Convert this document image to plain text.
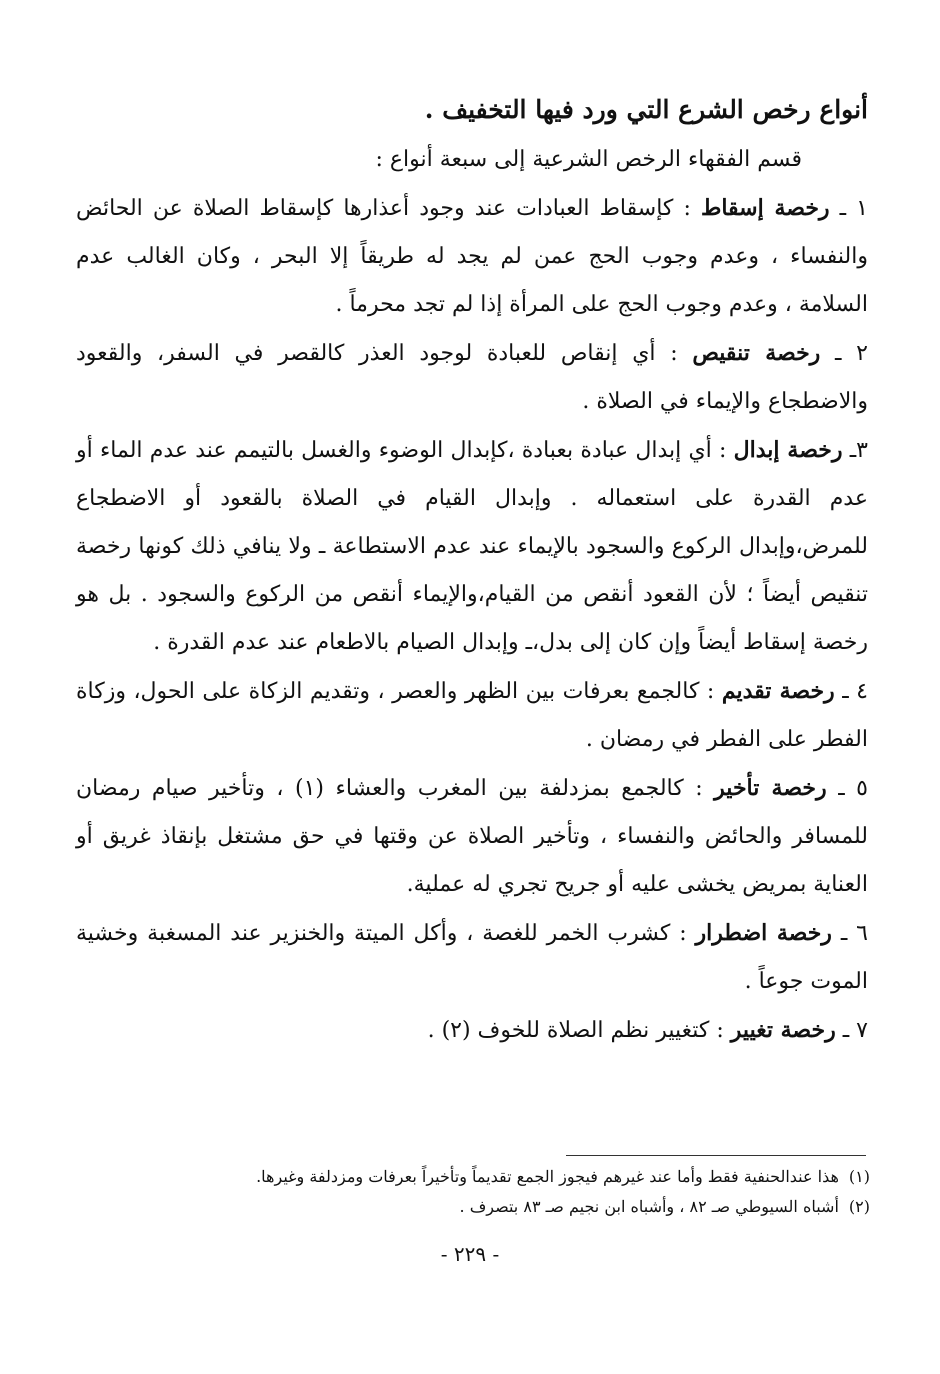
أنواع رخص الشرع التي ورد فيها التخفيف .

قسم الفقهاء الرخص الشرعية إلى سبعة أنواع :

١ ـ رخصة إسقاط : كإسقاط العبادات عند وجود أعذارها كإسقاط الصلاة عن الحائض والنفساء ، وعدم وجوب الحج عمن لم يجد له طريقاً إلا البحر ، وكان الغالب عدم السلامة ، وعدم وجوب الحج على المرأة إذا لم تجد محرماً .

٢ ـ رخصة تنقيص : أي إنقاص للعبادة لوجود العذر كالقصر في السفر، والقعود والاضطجاع والإيماء في الصلاة .

٣ـ رخصة إبدال : أي إبدال عبادة بعبادة ،كإبدال الوضوء والغسل بالتيمم عند عدم الماء أو عدم القدرة على استعماله . وإبدال القيام في الصلاة بالقعود أو الاضطجاع للمرض،وإبدال الركوع والسجود بالإيماء عند عدم الاستطاعة ـ ولا ينافي ذلك كونها رخصة تنقيص أيضاً ؛ لأن القعود أنقص من القيام،والإيماء أنقص من الركوع والسجود . بل هو رخصة إسقاط أيضاً وإن كان إلى بدل،ـ وإبدال الصيام بالاطعام عند عدم القدرة .

٤ ـ رخصة تقديم : كالجمع بعرفات بين الظهر والعصر ، وتقديم الزكاة على الحول، وزكاة الفطر على الفطر في رمضان .

٥ ـ رخصة تأخير : كالجمع بمزدلفة بين المغرب والعشاء (١) ، وتأخير صيام رمضان للمسافر والحائض والنفساء ، وتأخير الصلاة عن وقتها في حق مشتغل بإنقاذ غريق أو العناية بمريض يخشى عليه أو جريح تجري له عملية.

٦ ـ رخصة اضطرار : كشرب الخمر للغصة ، وأكل الميتة والخنزير عند المسغبة وخشية الموت جوعاً .

٧ ـ رخصة تغيير : كتغيير نظم الصلاة للخوف (٢) .

(١)هذا عندالحنفية فقط وأما عند غيرهم فيجوز الجمع تقديماً وتأخيراً بعرفات ومزدلفة وغيرها.

(٢)أشباه السيوطي صـ ٨٢ ، وأشباه ابن نجيم صـ ٨٣ بتصرف .

- ٢٢٩ -
